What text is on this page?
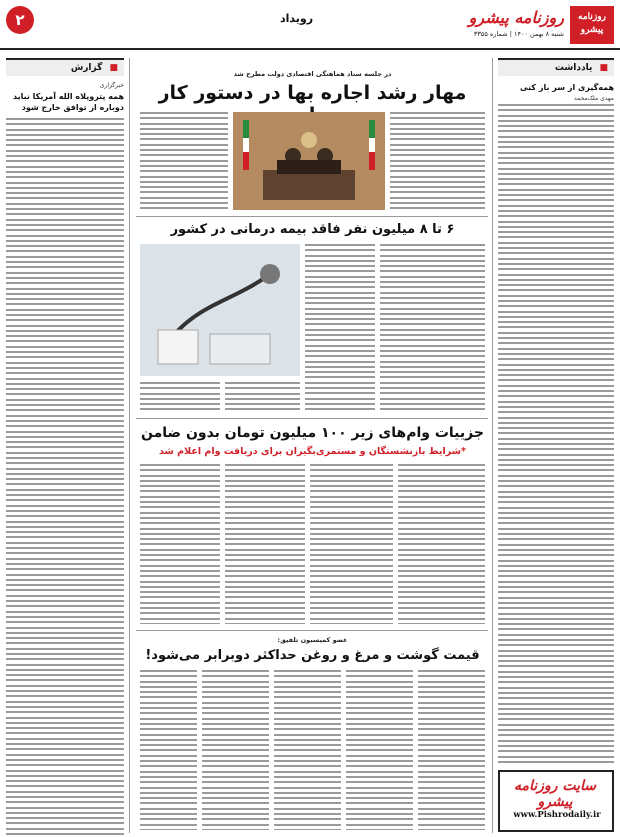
۲	رویداد	روزنامه پیشرو
روزنامه پیشرو
شنبه ۸ بهمن ۱۴۰۰ | شماره ۳۳۵۵
■ گزارش
خبرگزاری
همه پتروپلاه الله آمریکا نباید دوباره از توافق خارج شود
■ یادداشت
همه‌گیری از سر باز کنی
مهدی ملک‌محمد
در جلسه ستاد هماهنگی اقتصادی دولت مطرح شد
مهار رشد اجاره بها در دستور کار
۶ تا ۸ میلیون نفر فاقد بیمه درمانی در کشور
جزییات وام‌های زیر ۱۰۰ میلیون تومان بدون ضامن
*شرایط بازنشستگان و مستمری‌بگیران برای دریافت وام اعلام شد
عضو کمیسیون تلفیق:
قیمت گوشت و مرغ و روغن حداکثر دوبرابر می‌شود!
سایت روزنامه پیشرو
www.Pishrodaily.ir
